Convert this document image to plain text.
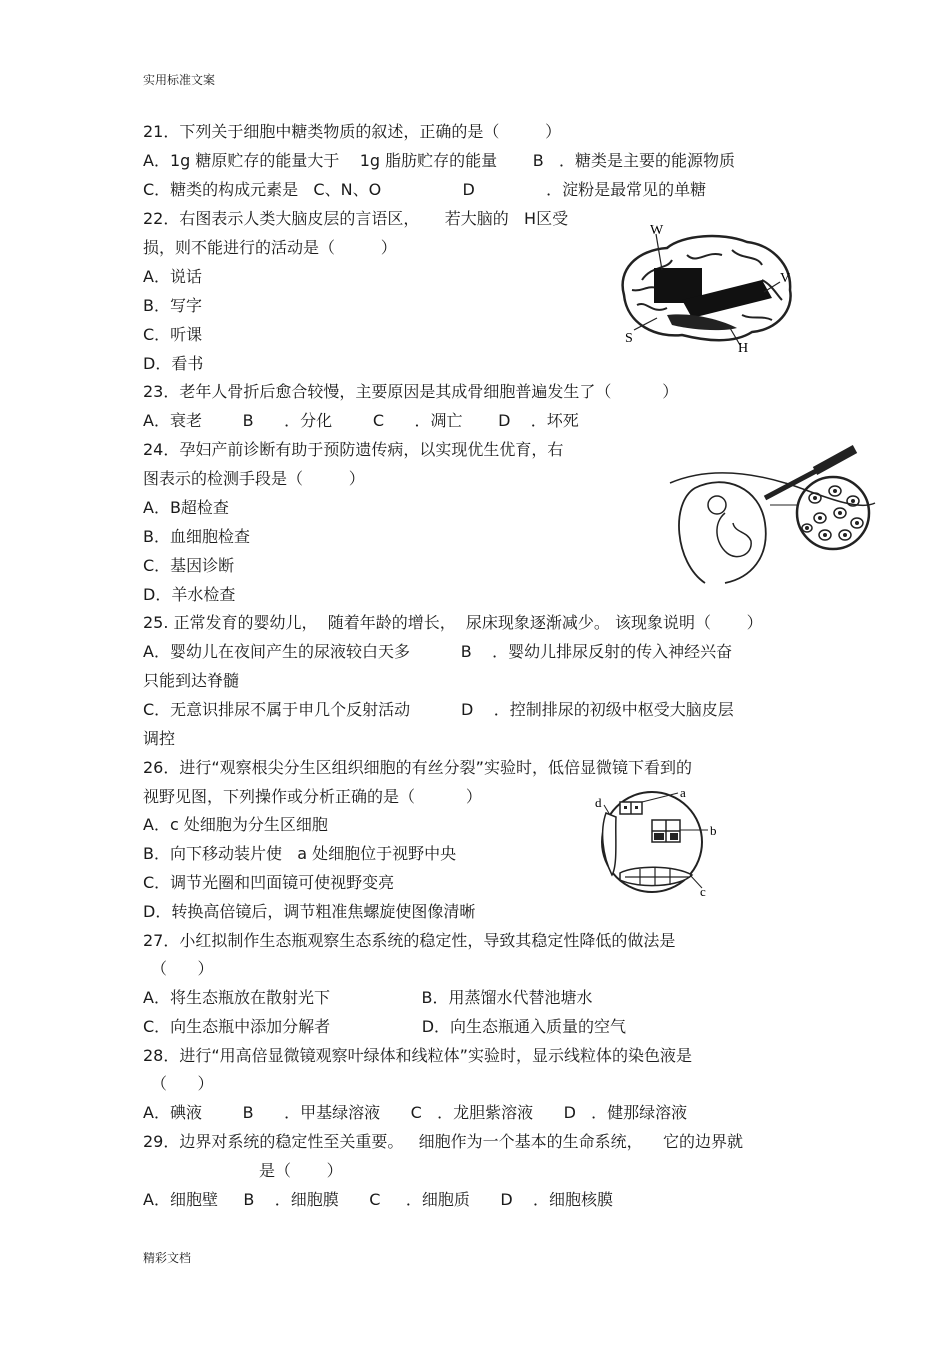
实用标准文案
21．下列关于细胞中糖类物质的叙述，正确的是（         ）
A．1g 糖原贮存的能量大于    1g 脂肪贮存的能量       B   ．糖类是主要的能源物质
C．糖类的构成元素是   C、N、O                D              ．淀粉是最常见的单糖
22．右图表示人类大脑皮层的言语区，     若大脑的   H区受
损，则不能进行的活动是（         ）
A．说话
B．写字
C．听课
D．看书
23．老年人骨折后愈合较慢，主要原因是其成骨细胞普遍发生了（          ）
A．衰老        B      ．分化        C      ．凋亡       D    ．坏死
24．孕妇产前诊断有助于预防遗传病，以实现优生优育，右
图表示的检测手段是（         ）
A．B超检查
B．血细胞检查
C．基因诊断
D．羊水检查
25. 正常发育的婴幼儿，  随着年龄的增长，  尿床现象逐渐减少。 该现象说明（       ）
A．婴幼儿在夜间产生的尿液较白天多          B    ．婴幼儿排尿反射的传入神经兴奋
只能到达脊髓
C．无意识排尿不属于申几个反射活动          D    ．控制排尿的初级中枢受大脑皮层
调控
26．进行“观察根尖分生区组织细胞的有丝分裂”实验时，低倍显微镜下看到的
视野见图，下列操作或分析正确的是（          ）
A．c 处细胞为分生区细胞
B．向下移动装片使   a 处细胞位于视野中央
C．调节光圈和凹面镜可使视野变亮
D．转换高倍镜后，调节粗准焦螺旋使图像清晰
27．小红拟制作生态瓶观察生态系统的稳定性，导致其稳定性降低的做法是
（      ）
A．将生态瓶放在散射光下                  B．用蒸馏水代替池塘水
C．向生态瓶中添加分解者                  D．向生态瓶通入质量的空气
28．进行“用高倍显微镜观察叶绿体和线粒体”实验时，显示线粒体的染色液是
（      ）
A．碘液        B      ．甲基绿溶液      C   ．龙胆紫溶液      D   ．健那绿溶液
29．边界对系统的稳定性至关重要。   细胞作为一个基本的生命系统，    它的边界就
是（       ）
A．细胞壁     B    ．细胞膜      C     ．细胞质      D    ．细胞核膜
W
V
S
H
a
b
c
d
精彩文档
